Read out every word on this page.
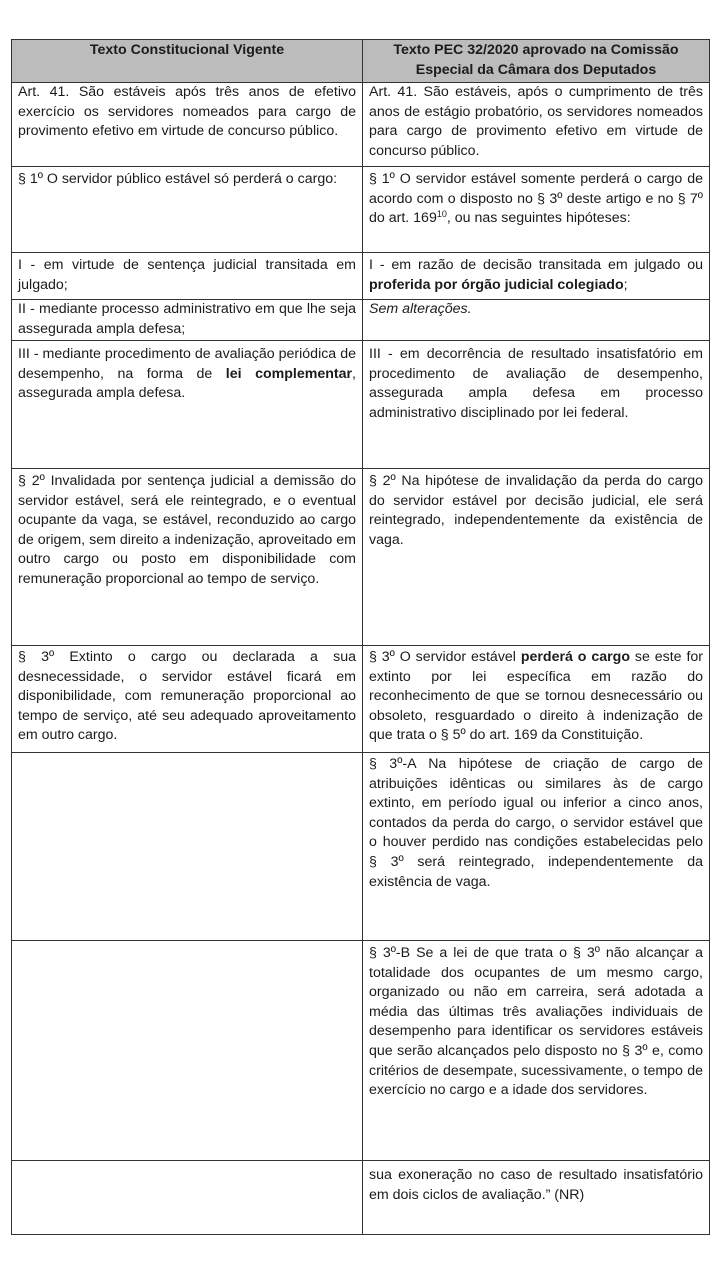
Texto Constitucional Vigente	Texto PEC 32/2020 aprovado na Comissão Especial da Câmara dos Deputados
Art. 41. São estáveis após três anos de efetivo exercício os servidores nomeados para cargo de provimento efetivo em virtude de concurso público.	Art. 41. São estáveis, após o cumprimento de três anos de estágio probatório, os servidores nomeados para cargo de provimento efetivo em virtude de concurso público.
§ 1º O servidor público estável só perderá o cargo:	§ 1º O servidor estável somente perderá o cargo de acordo com o disposto no § 3º deste artigo e no § 7º do art. $169^{10}$, ou nas seguintes hipóteses:
I - em virtude de sentença judicial transitada em julgado;	I - em razão de decisão transitada em julgado ou proferida por órgão judicial colegiado;
II - mediante processo administrativo em que lhe seja assegurada ampla defesa;	Sem alterações.
III - mediante procedimento de avaliação periódica de desempenho, na forma de lei complementar, assegurada ampla defesa.	III - em decorrência de resultado insatisfatório em procedimento de avaliação de desempenho, assegurada ampla defesa em processo administrativo disciplinado por lei federal.
§ 2º Invalidada por sentença judicial a demissão do servidor estável, será ele reintegrado, e o eventual ocupante da vaga, se estável, reconduzido ao cargo de origem, sem direito a indenização, aproveitado em outro cargo ou posto em disponibilidade com remuneração proporcional ao tempo de serviço.	§ 2º Na hipótese de invalidação da perda do cargo do servidor estável por decisão judicial, ele será reintegrado, independentemente da existência de vaga.
§ 3º Extinto o cargo ou declarada a sua desnecessidade, o servidor estável ficará em disponibilidade, com remuneração proporcional ao tempo de serviço, até seu adequado aproveitamento em outro cargo.	§ 3º O servidor estável perderá o cargo se este for extinto por lei específica em razão do reconhecimento de que se tornou desnecessário ou obsoleto, resguardado o direito à indenização de que trata o § 5º do art. 169 da Constituição.
	§ 3º-A Na hipótese de criação de cargo de atribuições idênticas ou similares às de cargo extinto, em período igual ou inferior a cinco anos, contados da perda do cargo, o servidor estável que o houver perdido nas condições estabelecidas pelo § 3º será reintegrado, independentemente da existência de vaga.
	§ 3º-B Se a lei de que trata o § 3º não alcançar a totalidade dos ocupantes de um mesmo cargo, organizado ou não em carreira, será adotada a média das últimas três avaliações individuais de desempenho para identificar os servidores estáveis que serão alcançados pelo disposto no § 3º e, como critérios de desempate, sucessivamente, o tempo de exercício no cargo e a idade dos servidores.
	sua exoneração no caso de resultado insatisfatório em dois ciclos de avaliação.” (NR)
